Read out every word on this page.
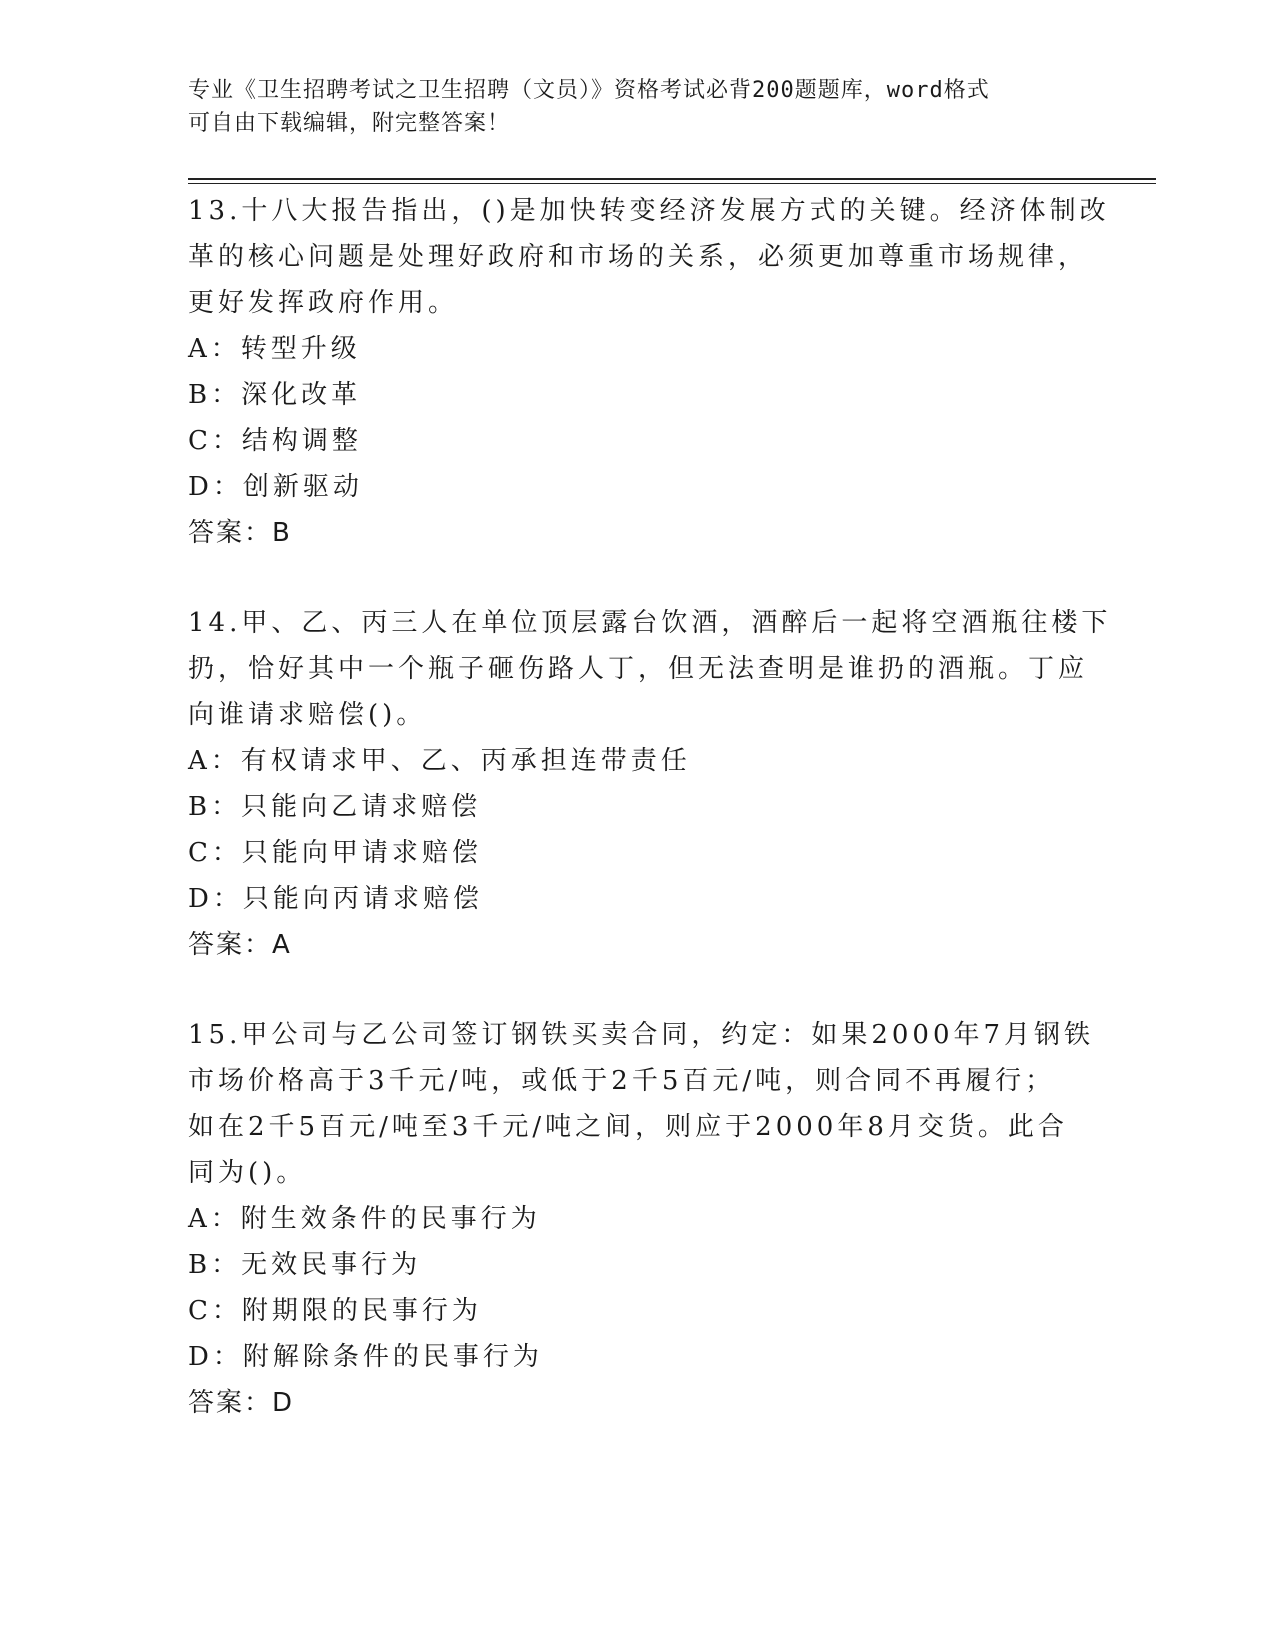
专业《卫生招聘考试之卫生招聘（文员）》资格考试必背200题题库，word格式
可自由下载编辑，附完整答案！
13.十八大报告指出，()是加快转变经济发展方式的关键。经济体制改
革的核心问题是处理好政府和市场的关系，必须更加尊重市场规律，
更好发挥政府作用。
A：转型升级
B：深化改革
C：结构调整
D：创新驱动
答案：B
14.甲、乙、丙三人在单位顶层露台饮酒，酒醉后一起将空酒瓶往楼下
扔，恰好其中一个瓶子砸伤路人丁，但无法查明是谁扔的酒瓶。丁应
向谁请求赔偿()。
A：有权请求甲、乙、丙承担连带责任
B：只能向乙请求赔偿
C：只能向甲请求赔偿
D：只能向丙请求赔偿
答案：A
15.甲公司与乙公司签订钢铁买卖合同，约定：如果2000年7月钢铁
市场价格高于3千元/吨，或低于2千5百元/吨，则合同不再履行；
如在2千5百元/吨至3千元/吨之间，则应于2000年8月交货。此合
同为()。
A：附生效条件的民事行为
B：无效民事行为
C：附期限的民事行为
D：附解除条件的民事行为
答案：D
